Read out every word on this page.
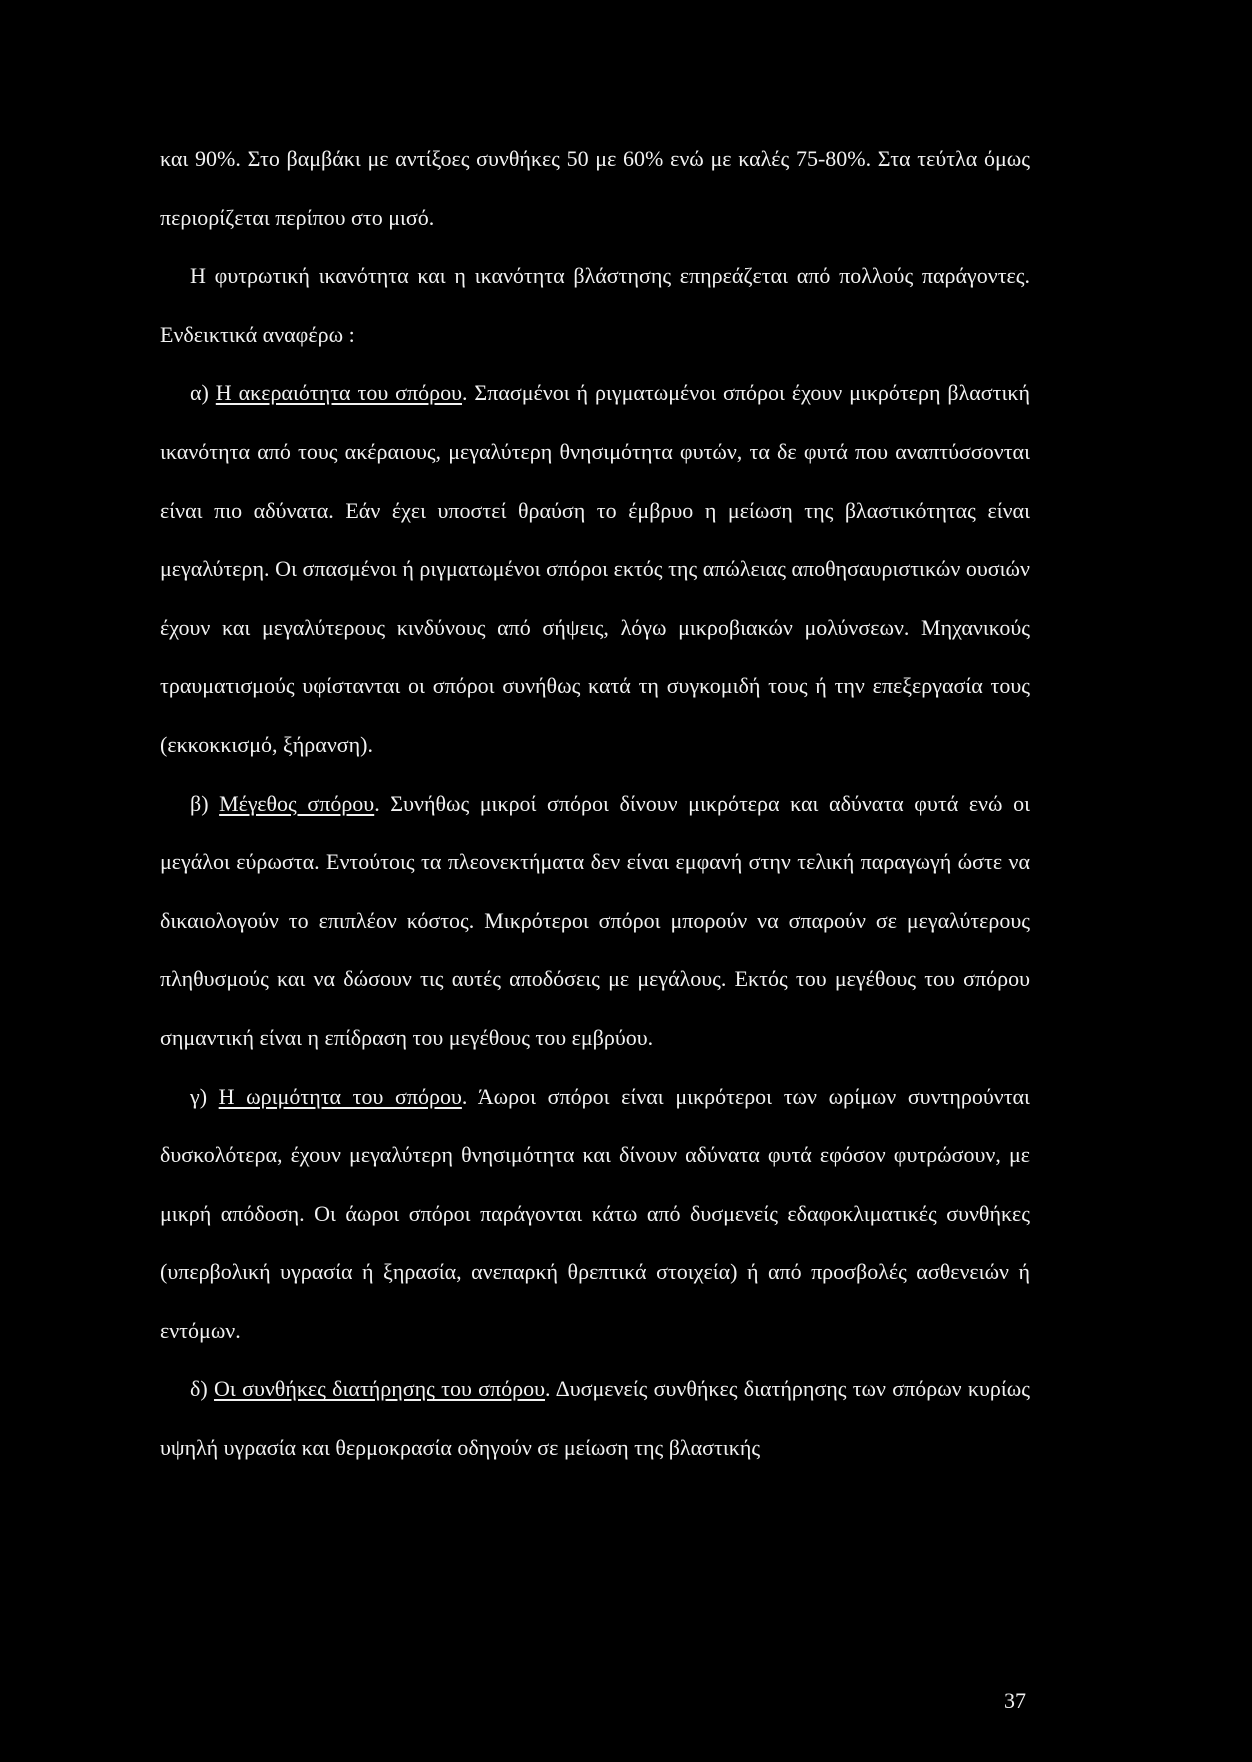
και 90%. Στο βαμβάκι με αντίξοες συνθήκες 50 με 60% ενώ με καλές 75-80%. Στα τεύτλα όμως περιορίζεται περίπου στο μισό.

Η φυτρωτική ικανότητα και η ικανότητα βλάστησης επηρεάζεται από πολλούς παράγοντες. Ενδεικτικά αναφέρω :

α) Η ακεραιότητα του σπόρου. Σπασμένοι ή ριγματωμένοι σπόροι έχουν μικρότερη βλαστική ικανότητα από τους ακέραιους, μεγαλύτερη θνησιμότητα φυτών, τα δε φυτά που αναπτύσσονται είναι πιο αδύνατα. Εάν έχει υποστεί θραύση το έμβρυο η μείωση της βλαστικότητας είναι μεγαλύτερη. Οι σπασμένοι ή ριγματωμένοι σπόροι εκτός της απώλειας αποθησαυριστικών ουσιών έχουν και μεγαλύτερους κινδύνους από σήψεις, λόγω μικροβιακών μολύνσεων. Μηχανικούς τραυματισμούς υφίστανται οι σπόροι συνήθως κατά τη συγκομιδή τους ή την επεξεργασία τους (εκκοκκισμό, ξήρανση).

β) Μέγεθος σπόρου. Συνήθως μικροί σπόροι δίνουν μικρότερα και αδύνατα φυτά ενώ οι μεγάλοι εύρωστα. Εντούτοις τα πλεονεκτήματα δεν είναι εμφανή στην τελική παραγωγή ώστε να δικαιολογούν το επιπλέον κόστος. Μικρότεροι σπόροι μπορούν να σπαρούν σε μεγαλύτερους πληθυσμούς και να δώσουν τις αυτές αποδόσεις με μεγάλους. Εκτός του μεγέθους του σπόρου σημαντική είναι η επίδραση του μεγέθους του εμβρύου.

γ) Η ωριμότητα του σπόρου. Άωροι σπόροι είναι μικρότεροι των ωρίμων συντηρούνται δυσκολότερα, έχουν μεγαλύτερη θνησιμότητα και δίνουν αδύνατα φυτά εφόσον φυτρώσουν, με μικρή απόδοση. Οι άωροι σπόροι παράγονται κάτω από δυσμενείς εδαφοκλιματικές συνθήκες (υπερβολική υγρασία ή ξηρασία, ανεπαρκή θρεπτικά στοιχεία) ή από προσβολές ασθενειών ή εντόμων.

δ) Οι συνθήκες διατήρησης του σπόρου. Δυσμενείς συνθήκες διατήρησης των σπόρων κυρίως υψηλή υγρασία και θερμοκρασία οδηγούν σε μείωση της βλαστικής

37
